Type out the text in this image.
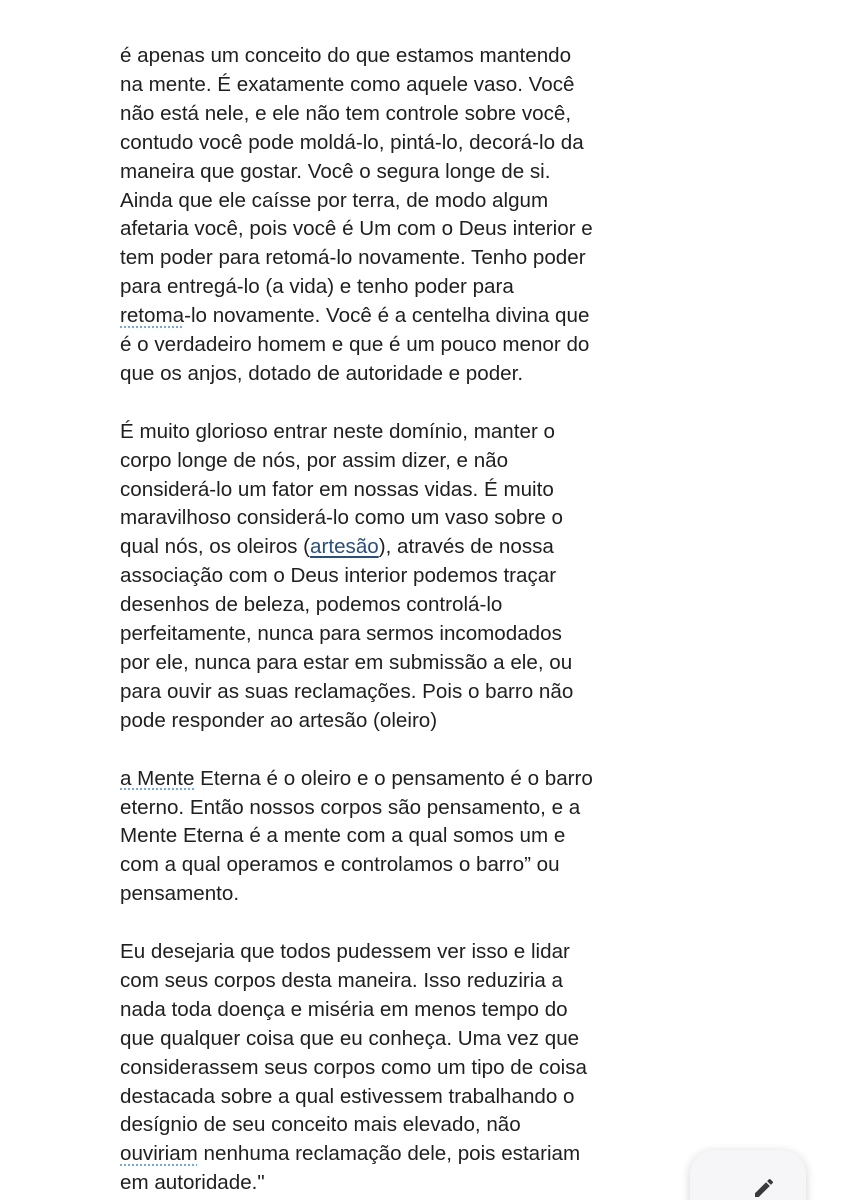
é apenas um conceito do que estamos mantendo
na mente. É exatamente como aquele vaso. Você
não está nele, e ele não tem controle sobre você,
contudo você pode moldá-lo, pintá-lo, decorá-lo da
maneira que gostar. Você o segura longe de si.
Ainda que ele caísse por terra, de modo algum
afetaria você, pois você é Um com o Deus interior e
tem poder para retomá-lo novamente. Tenho poder
para entregá-lo (a vida) e tenho poder para
retoma-lo novamente. Você é a centelha divina que
é o verdadeiro homem e que é um pouco menor do
que os anjos, dotado de autoridade e poder.

É muito glorioso entrar neste domínio, manter o
corpo longe de nós, por assim dizer, e não
considerá-lo um fator em nossas vidas. É muito
maravilhoso considerá-lo como um vaso sobre o
qual nós, os oleiros (artesão), através de nossa
associação com o Deus interior podemos traçar
desenhos de beleza, podemos controlá-lo
perfeitamente, nunca para sermos incomodados
por ele, nunca para estar em submissão a ele, ou
para ouvir as suas reclamações. Pois o barro não
pode responder ao artesão (oleiro)

a Mente Eterna é o oleiro e o pensamento é o barro
eterno. Então nossos corpos são pensamento, e a
Mente Eterna é a mente com a qual somos um e
com a qual operamos e controlamos o barro” ou
pensamento.

Eu desejaria que todos pudessem ver isso e lidar
com seus corpos desta maneira. Isso reduziria a
nada toda doença e miséria em menos tempo do
que qualquer coisa que eu conheça. Uma vez que
considerassem seus corpos como um tipo de coisa
destacada sobre a qual estivessem trabalhando o
desígnio de seu conceito mais elevado, não
ouviriam nenhuma reclamação dele, pois estariam
em autoridade."
